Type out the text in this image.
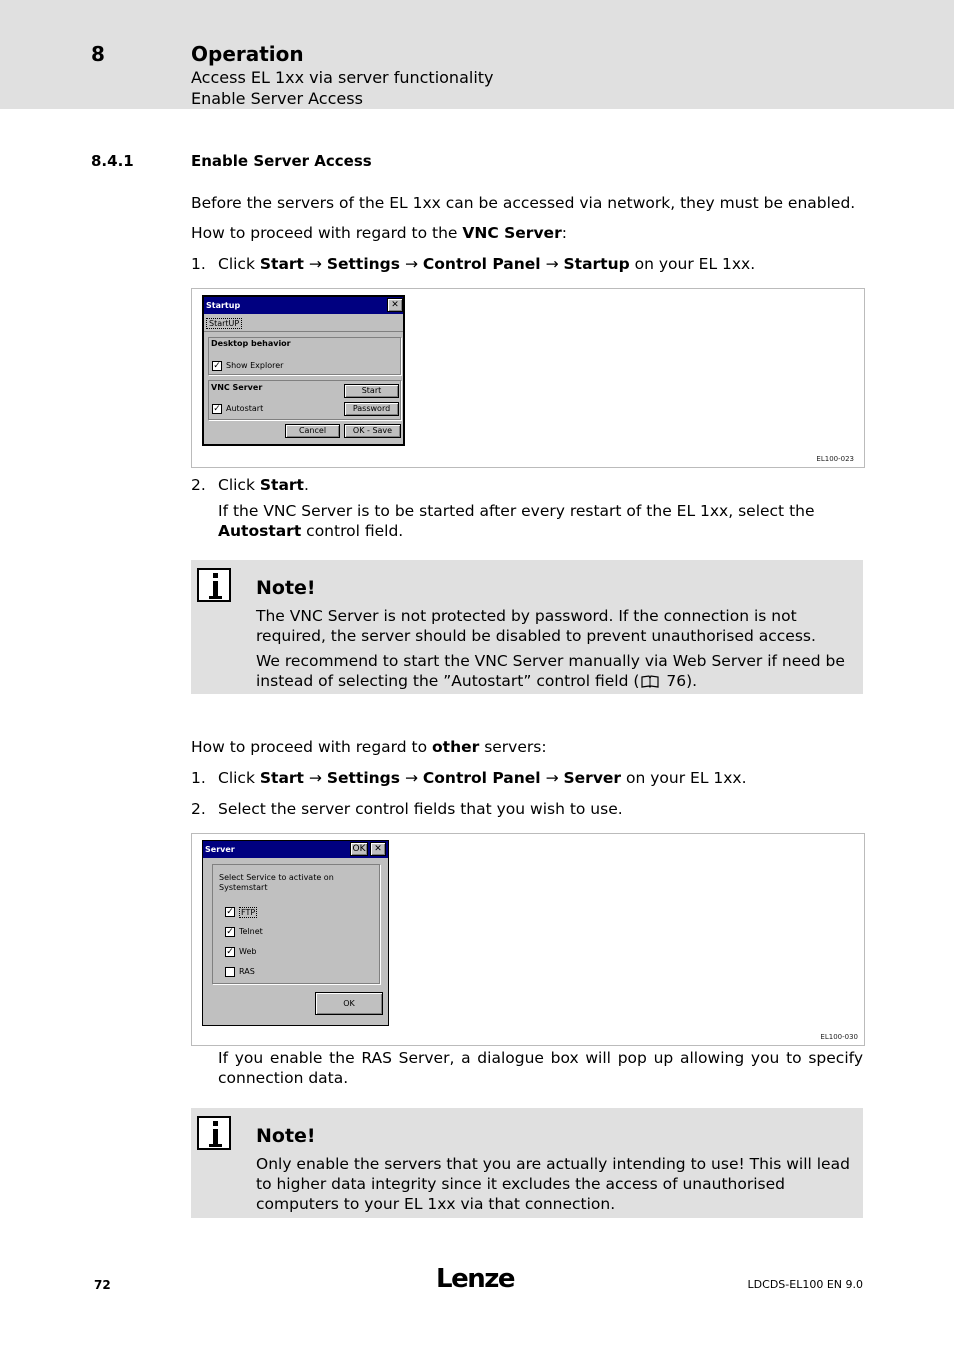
8	Operation
Access EL 1xx via server functionality
Enable Server Access
8.4.1	Enable Server Access
Before the servers of the EL 1xx can be accessed via network, they must be enabled.
How to proceed with regard to the VNC Server:
1. Click Start → Settings → Control Panel → Startup on your EL 1xx.
Startup	✕
StartUP
Desktop behavior
✓ Show Explorer
VNC Server	Start
✓ Autostart	Password
Cancel	OK - Save
EL100-023
2. Click Start.
If the VNC Server is to be started after every restart of the EL 1xx, select the Autostart control field.
Note!
The VNC Server is not protected by password. If the connection is not required, the server should be disabled to prevent unauthorised access.
We recommend to start the VNC Server manually via Web Server if need be instead of selecting the ”Autostart” control field ( 76).
How to proceed with regard to other servers:
1. Click Start → Settings → Control Panel → Server on your EL 1xx.
2. Select the server control fields that you wish to use.
Server	OK ✕
Select Service to activate on
Systemstart
✓ FTP
✓ Telnet
✓ Web
RAS
OK
EL100-030
If you enable the RAS Server, a dialogue box will pop up allowing you to specify connection data.
Note!
Only enable the servers that you are actually intending to use! This will lead to higher data integrity since it excludes the access of unauthorised computers to your EL 1xx via that connection.
72	Lenze	LDCDS-EL100 EN 9.0
